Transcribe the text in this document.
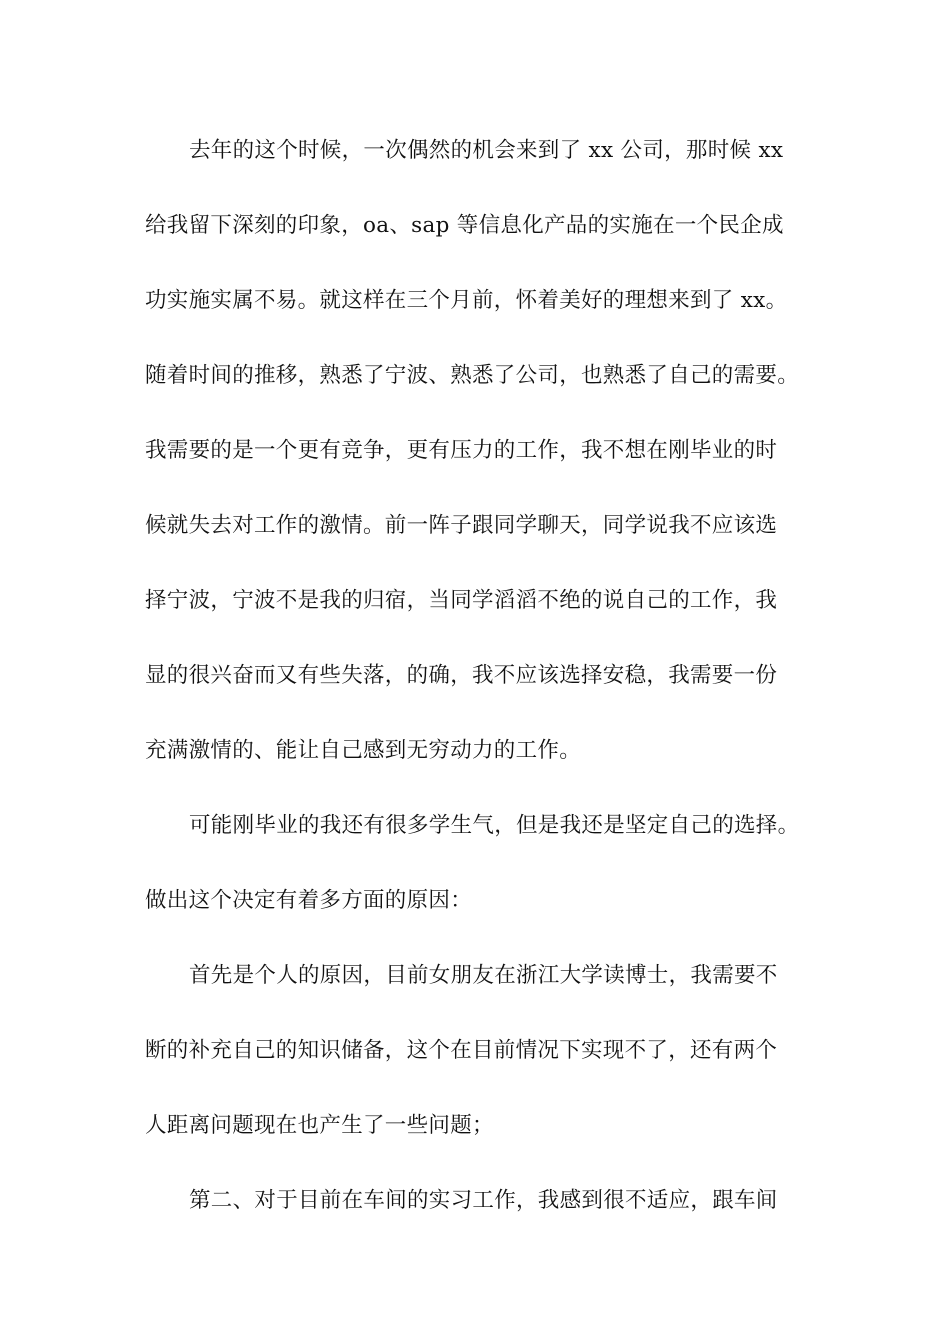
去年的这个时候，一次偶然的机会来到了 xx 公司，那时候 xx
给我留下深刻的印象，oa、sap 等信息化产品的实施在一个民企成
功实施实属不易。就这样在三个月前，怀着美好的理想来到了 xx。
随着时间的推移，熟悉了宁波、熟悉了公司，也熟悉了自己的需要。
我需要的是一个更有竞争，更有压力的工作，我不想在刚毕业的时
候就失去对工作的激情。前一阵子跟同学聊天，同学说我不应该选
择宁波，宁波不是我的归宿，当同学滔滔不绝的说自己的工作，我
显的很兴奋而又有些失落，的确，我不应该选择安稳，我需要一份
充满激情的、能让自己感到无穷动力的工作。
可能刚毕业的我还有很多学生气，但是我还是坚定自己的选择。
做出这个决定有着多方面的原因：
首先是个人的原因，目前女朋友在浙江大学读博士，我需要不
断的补充自己的知识储备，这个在目前情况下实现不了，还有两个
人距离问题现在也产生了一些问题；
第二、对于目前在车间的实习工作，我感到很不适应，跟车间
